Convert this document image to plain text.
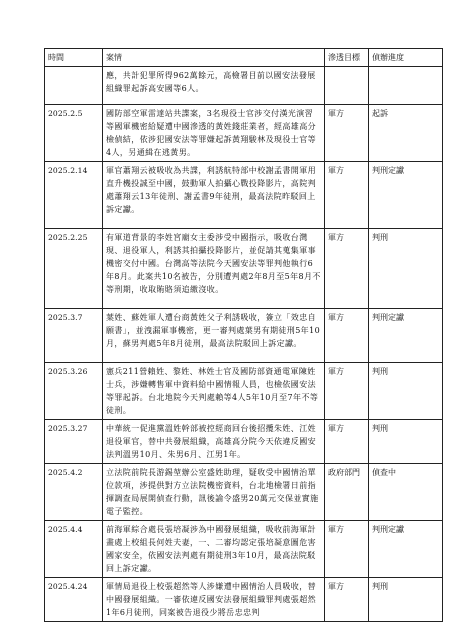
時間	案情	滲透目標	偵辦進度
	應，共計犯罪所得962萬餘元，高檢署目前以國安法發展組織罪起訴高安國等6人。		
2025.2.5	國防部空軍雷達站共諜案，3名現役士官涉交付漢光演習等國軍機密給疑遭中國滲透的黃姓錢莊業者，經高雄高分檢偵結，依涉犯國安法等罪嫌起訴黃翔駿林及現役士官等4人，另通緝在逃黃男。	軍方	起訴
2025.2.14	軍官蕭翔云被吸收為共諜，利誘航特部中校謝孟書開軍用直升機投誠至中國，鼓動軍人拍攝心戰投降影片，高院判處蕭翔云13年徒刑、謝孟書9年徒刑，最高法院昨駁回上訴定讞。	軍方	判刑定讞
2025.2.25	有軍道背景的李姓宮廟女主委涉受中國指示，吸收台灣現、退役軍人，利誘其拍攝投降影片，並促請其蒐集軍事機密交付中國。台灣高等法院今天國安法等罪判他執行6年8月。此案共10名被告，分別遭判處2年8月至5年8月不等刑期，收取賄賂須追繳沒收。	軍方	判刑
2025.3.7	葉姓、蘇姓軍人遭台商黃姓父子利誘吸收，簽立「效忠自願書」，並洩漏軍事機密，更一審判處葉男有期徒刑5年10月，蘇男判處5年8月徒刑，最高法院駁回上訴定讞。	軍方	判刑定讞
2025.3.26	憲兵211營賴姓、黎姓、林姓士官及國防部資通電軍陳姓士兵，涉嫌轉售軍中資料給中國情報人員，也檢依國安法等罪起訴。台北地院今天判處賴等4人5年10月至7年不等徒刑。	軍方	判刑
2025.3.27	中華統一促進黨溫姓幹部被控經商回台後招攬朱姓、江姓退役軍官，替中共發展組織，高雄高分院今天依違反國安法判溫男10月、朱男6月、江男1年。	軍方	判刑
2025.4.2	立法院前院長游錫堃辦公室盛姓助理，疑收受中國情治單位款項，涉提供對方立法院機密資料，台北地檢署日前指揮調查局展開偵查行動，訊後諭令盛男20萬元交保並實施電子監控。	政府部門	偵查中
2025.4.4	前海軍綜合處長張培凝涉為中國發展組織，吸收前海軍計畫處上校組長何姓夫妻，一、二審均認定張培凝意圖危害國家安全，依國安法判處有期徒刑3年10月，最高法院駁回上訴定讞。	軍方	判刑定讞
2025.4.24	軍情局退役上校張超然等人涉嫌遭中國情治人員吸收，替中國發展組織。一審依違反國安法發展組織罪判處張超然1年6月徒刑，同案被告退役少將岳忠忠判	軍方	判刑
